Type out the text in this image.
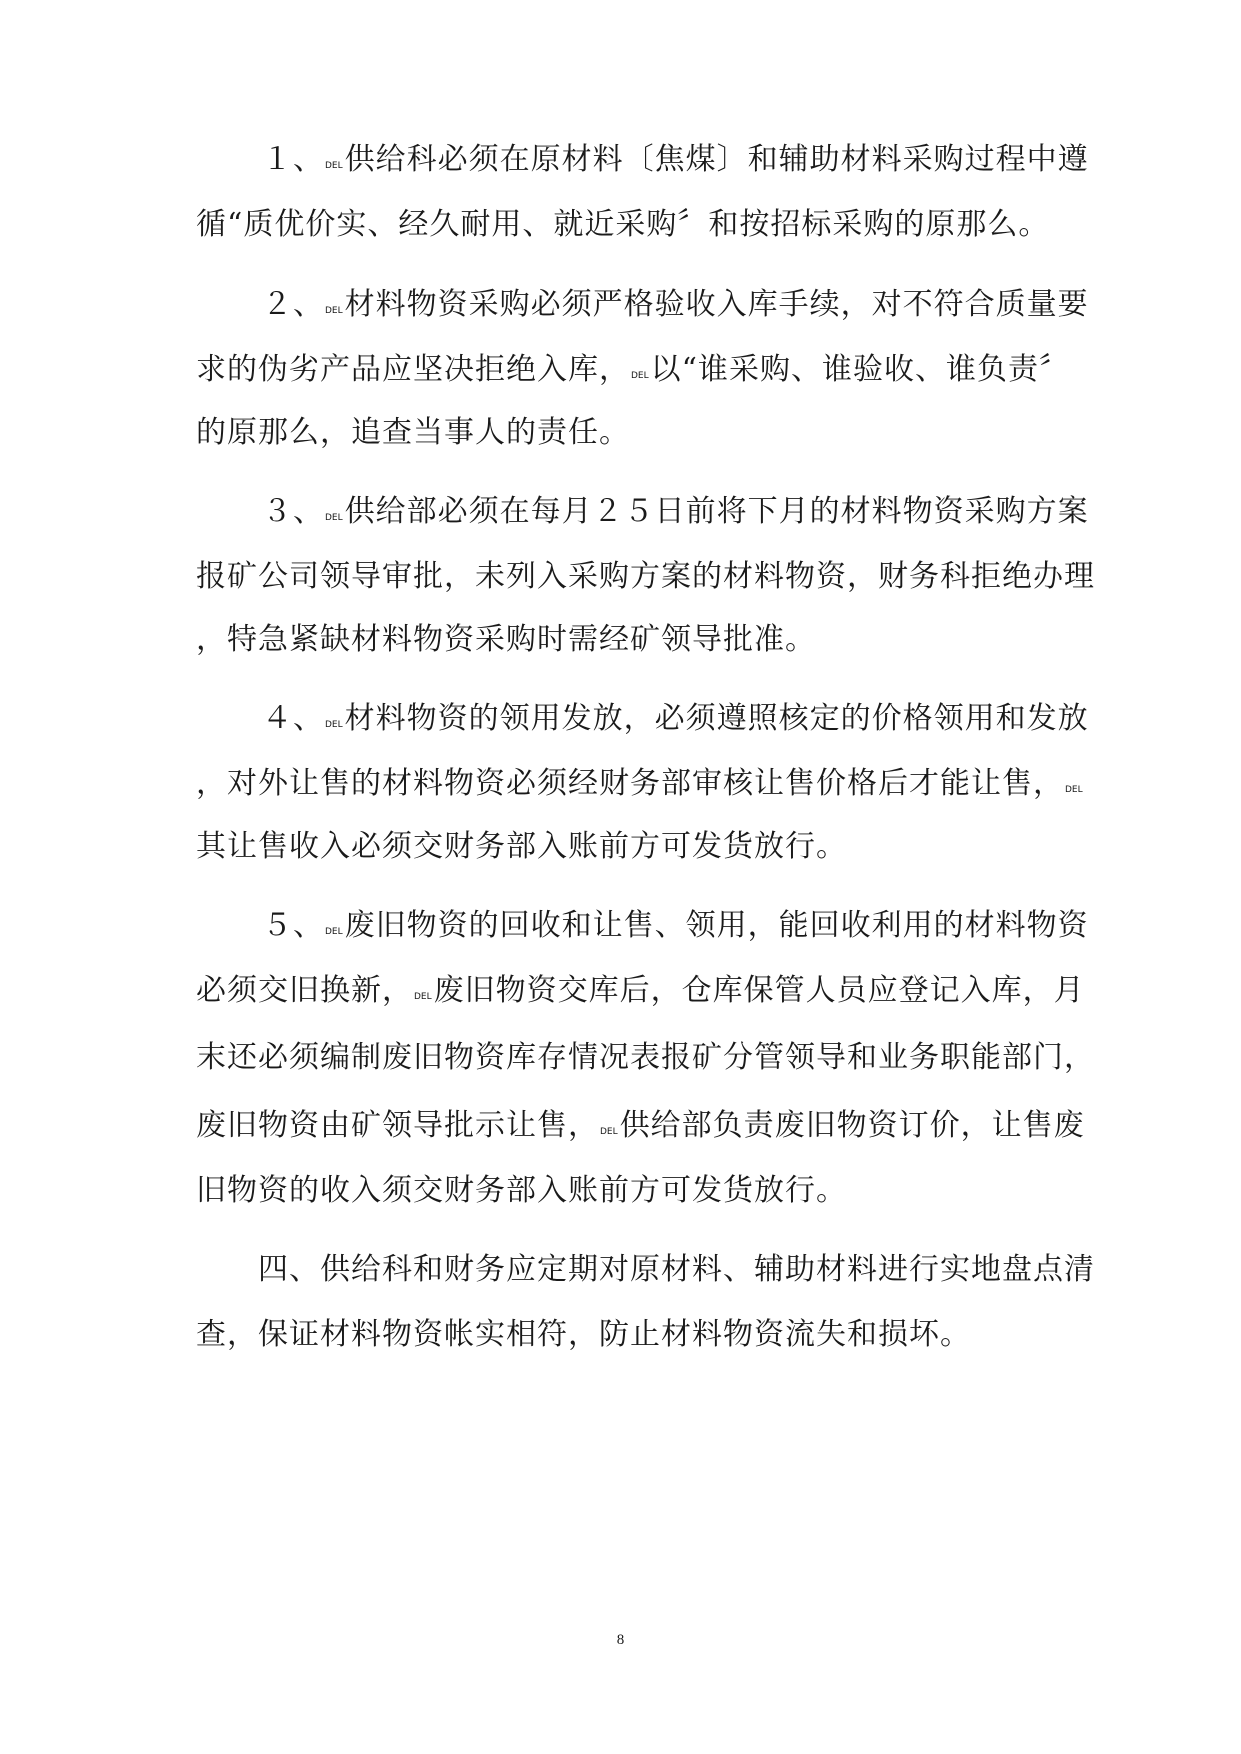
１、DEL供给科必须在原材料〔焦煤〕和辅助材料采购过程中遵
循“质优价实、经久耐用、就近采购〞和按招标采购的原那么。
２、DEL材料物资采购必须严格验收入库手续，对不符合质量要
求的伪劣产品应坚决拒绝入库，DEL以“谁采购、谁验收、谁负责〞
的原那么，追查当事人的责任。
３、DEL供给部必须在每月２５日前将下月的材料物资采购方案
报矿公司领导审批，未列入采购方案的材料物资，财务科拒绝办理
，特急紧缺材料物资采购时需经矿领导批准。
４、DEL材料物资的领用发放，必须遵照核定的价格领用和发放
，对外让售的材料物资必须经财务部审核让售价格后才能让售，DEL
其让售收入必须交财务部入账前方可发货放行。
５、DEL废旧物资的回收和让售、领用，能回收利用的材料物资
必须交旧换新，DEL废旧物资交库后，仓库保管人员应登记入库，月
末还必须编制废旧物资库存情况表报矿分管领导和业务职能部门，
废旧物资由矿领导批示让售，DEL供给部负责废旧物资订价，让售废
旧物资的收入须交财务部入账前方可发货放行。
四、供给科和财务应定期对原材料、辅助材料进行实地盘点清
查，保证材料物资帐实相符，防止材料物资流失和损坏。
8
